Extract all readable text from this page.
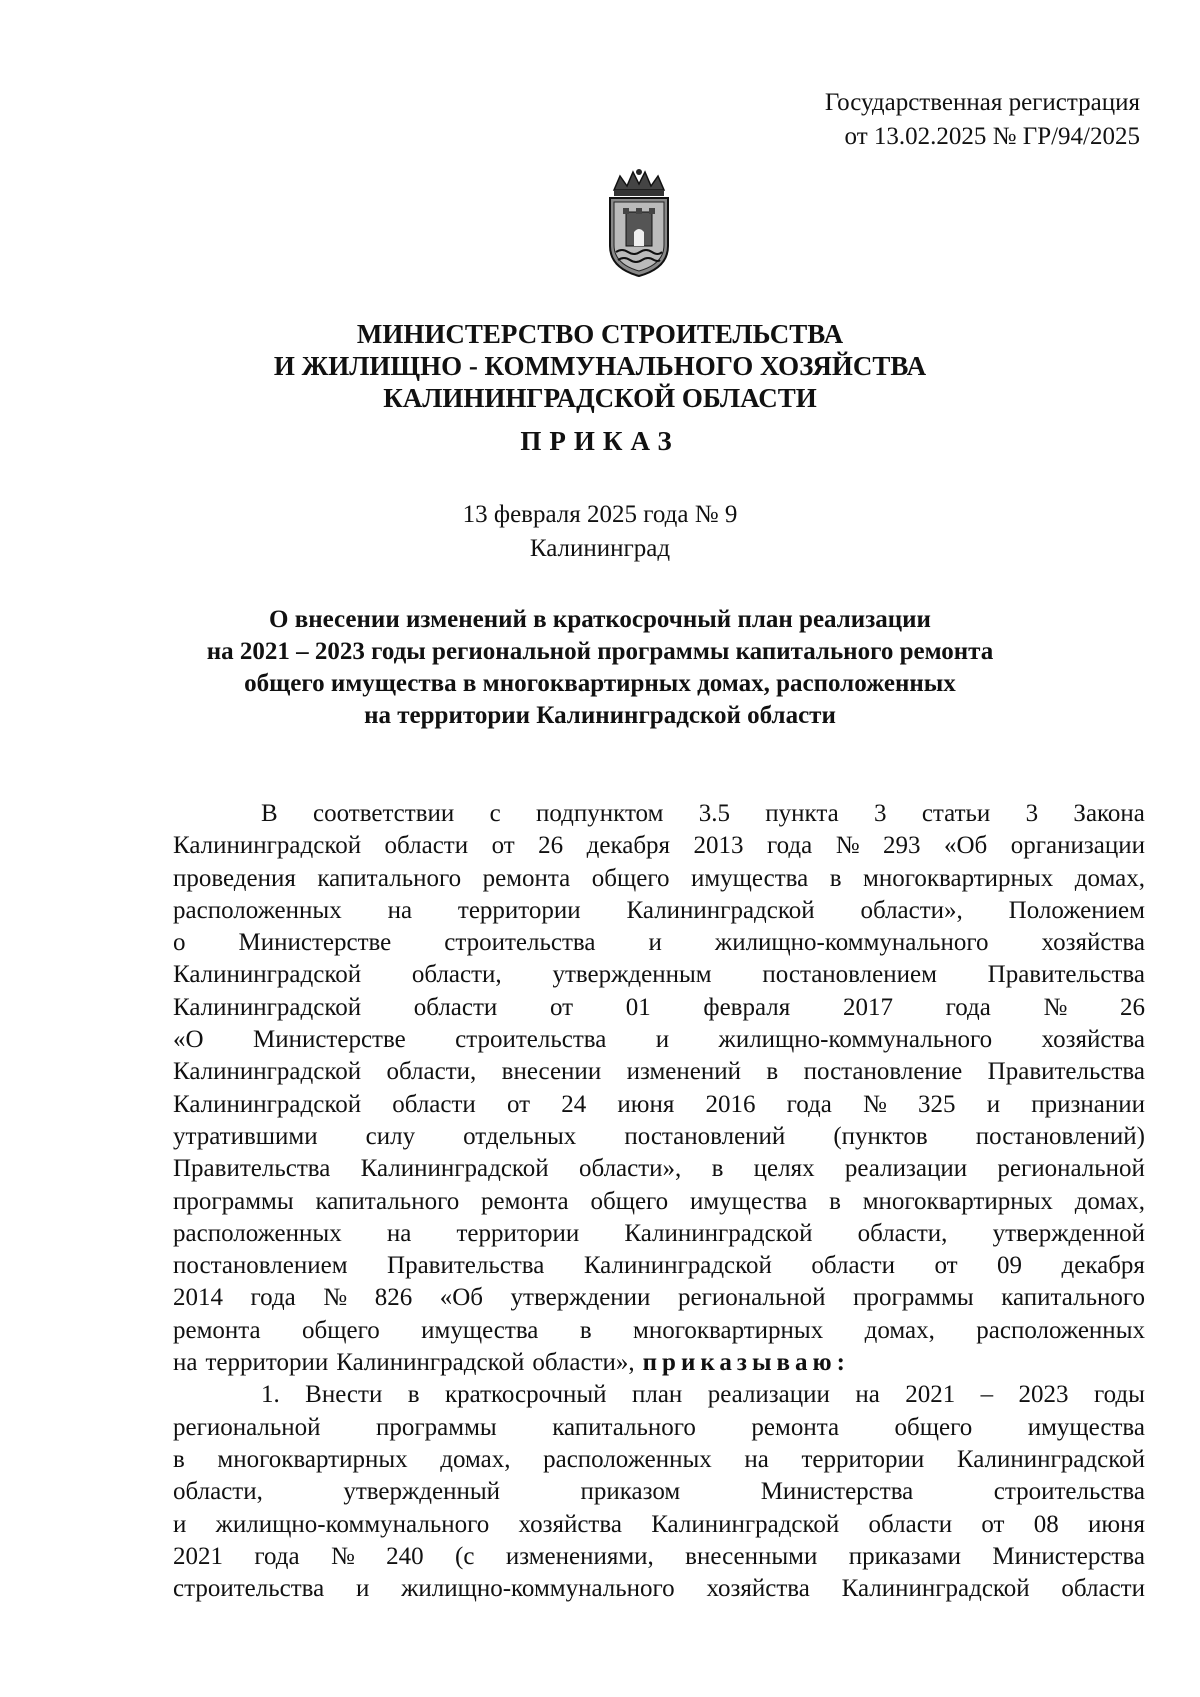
Государственная регистрация
от 13.02.2025 № ГР/94/2025
МИНИСТЕРСТВО СТРОИТЕЛЬСТВА
И ЖИЛИЩНО - КОММУНАЛЬНОГО ХОЗЯЙСТВА
КАЛИНИНГРАДСКОЙ ОБЛАСТИ
ПРИКАЗ
13 февраля 2025 года № 9
Калининград
О внесении изменений в краткосрочный план реализации
на 2021 – 2023 годы региональной программы капитального ремонта
общего имущества в многоквартирных домах, расположенных
на территории Калининградской области
В соответствии с подпунктом 3.5 пункта 3 статьи 3 Закона
Калининградской области от 26 декабря 2013 года № 293 «Об организации
проведения капитального ремонта общего имущества в многоквартирных домах,
расположенных на территории Калининградской области», Положением
о Министерстве строительства и жилищно-коммунального хозяйства
Калининградской области, утвержденным постановлением Правительства
Калининградской области от 01 февраля 2017 года № 26
«О Министерстве строительства и жилищно-коммунального хозяйства
Калининградской области, внесении изменений в постановление Правительства
Калининградской области от 24 июня 2016 года № 325 и признании
утратившими силу отдельных постановлений (пунктов постановлений)
Правительства Калининградской области», в целях реализации региональной
программы капитального ремонта общего имущества в многоквартирных домах,
расположенных на территории Калининградской области, утвержденной
постановлением Правительства Калининградской области от 09 декабря
2014 года № 826 «Об утверждении региональной программы капитального
ремонта общего имущества в многоквартирных домах, расположенных
на территории Калининградской области», приказываю:
1. Внести в краткосрочный план реализации на 2021 – 2023 годы
региональной программы капитального ремонта общего имущества
в многоквартирных домах, расположенных на территории Калининградской
области,	утвержденный	приказом	Министерства	строительства
и жилищно-коммунального хозяйства Калининградской области от 08 июня
2021 года № 240 (с изменениями, внесенными приказами Министерства
строительства и жилищно-коммунального хозяйства Калининградской области
